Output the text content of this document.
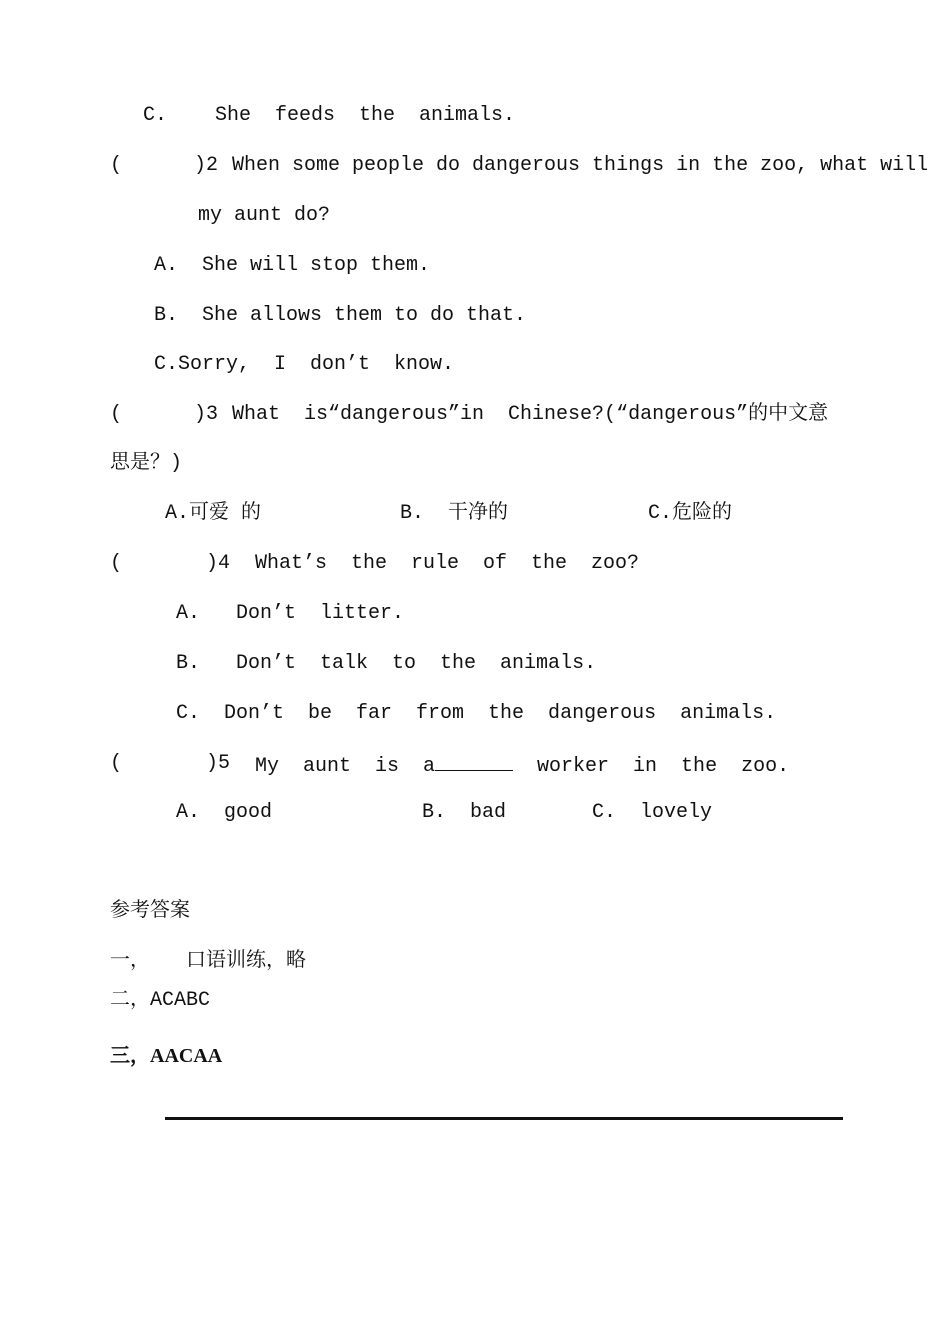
C.    She  feeds  the  animals.
(      )2 When some people do dangerous things in the zoo, what will
my aunt do?
A.  She will stop them.
B.  She allows them to do that.
C.Sorry,  I  don’t  know.
(      )3 What  is“dangerous”in  Chinese?(“dangerous”的中文意
思是？)
A.可爱 的	B.  干净的	C.危险的
(       )4 What’s  the  rule  of  the  zoo?
A.   Don’t  litter.
B.   Don’t  talk  to  the  animals.
C.  Don’t  be  far  from  the  dangerous  animals.
(       )5 My  aunt  is  a	worker  in  the  zoo.
A.  good	B.  bad	C.  lovely
参考答案
一，   口语训练，略
二，ACABC
三，AACAA
